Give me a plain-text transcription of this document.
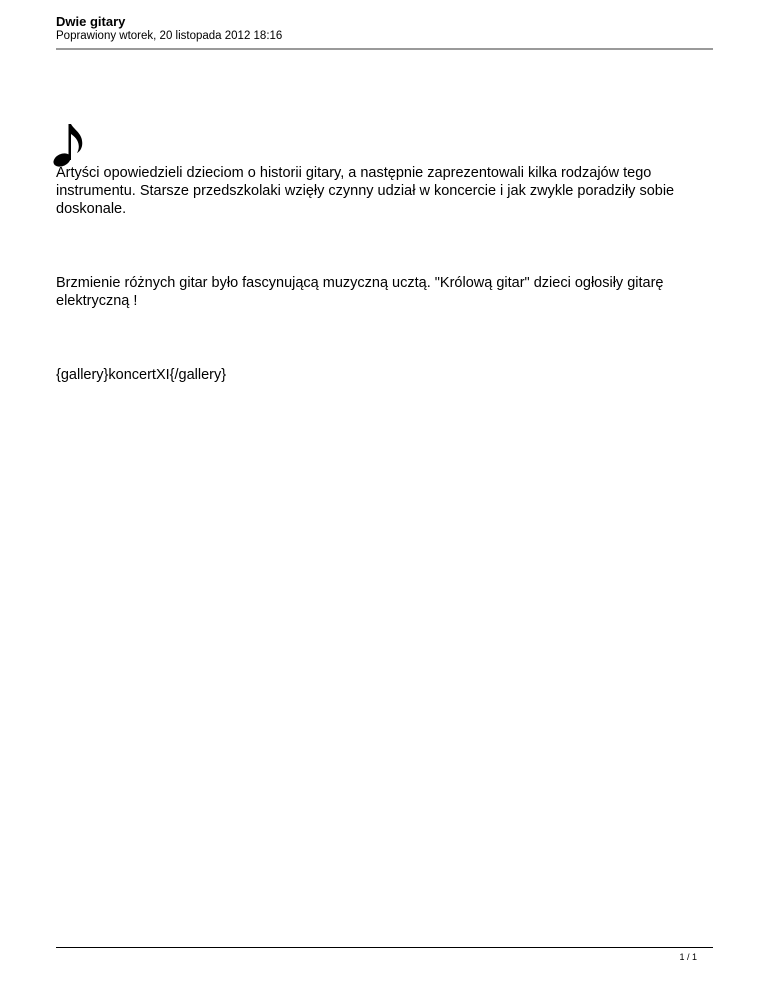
Dwie gitary
Poprawiony wtorek, 20 listopada 2012 18:16

Artyści opowiedzieli dzieciom o historii gitary, a następnie zaprezentowali kilka rodzajów tego instrumentu. Starsze przedszkolaki wzięły czynny udział w koncercie i jak zwykle poradziły sobie doskonale.

Brzmienie różnych gitar było fascynującą muzyczną ucztą. "Królową gitar" dzieci ogłosiły gitarę elektryczną !

{gallery}koncertXI{/gallery}

1 / 1
